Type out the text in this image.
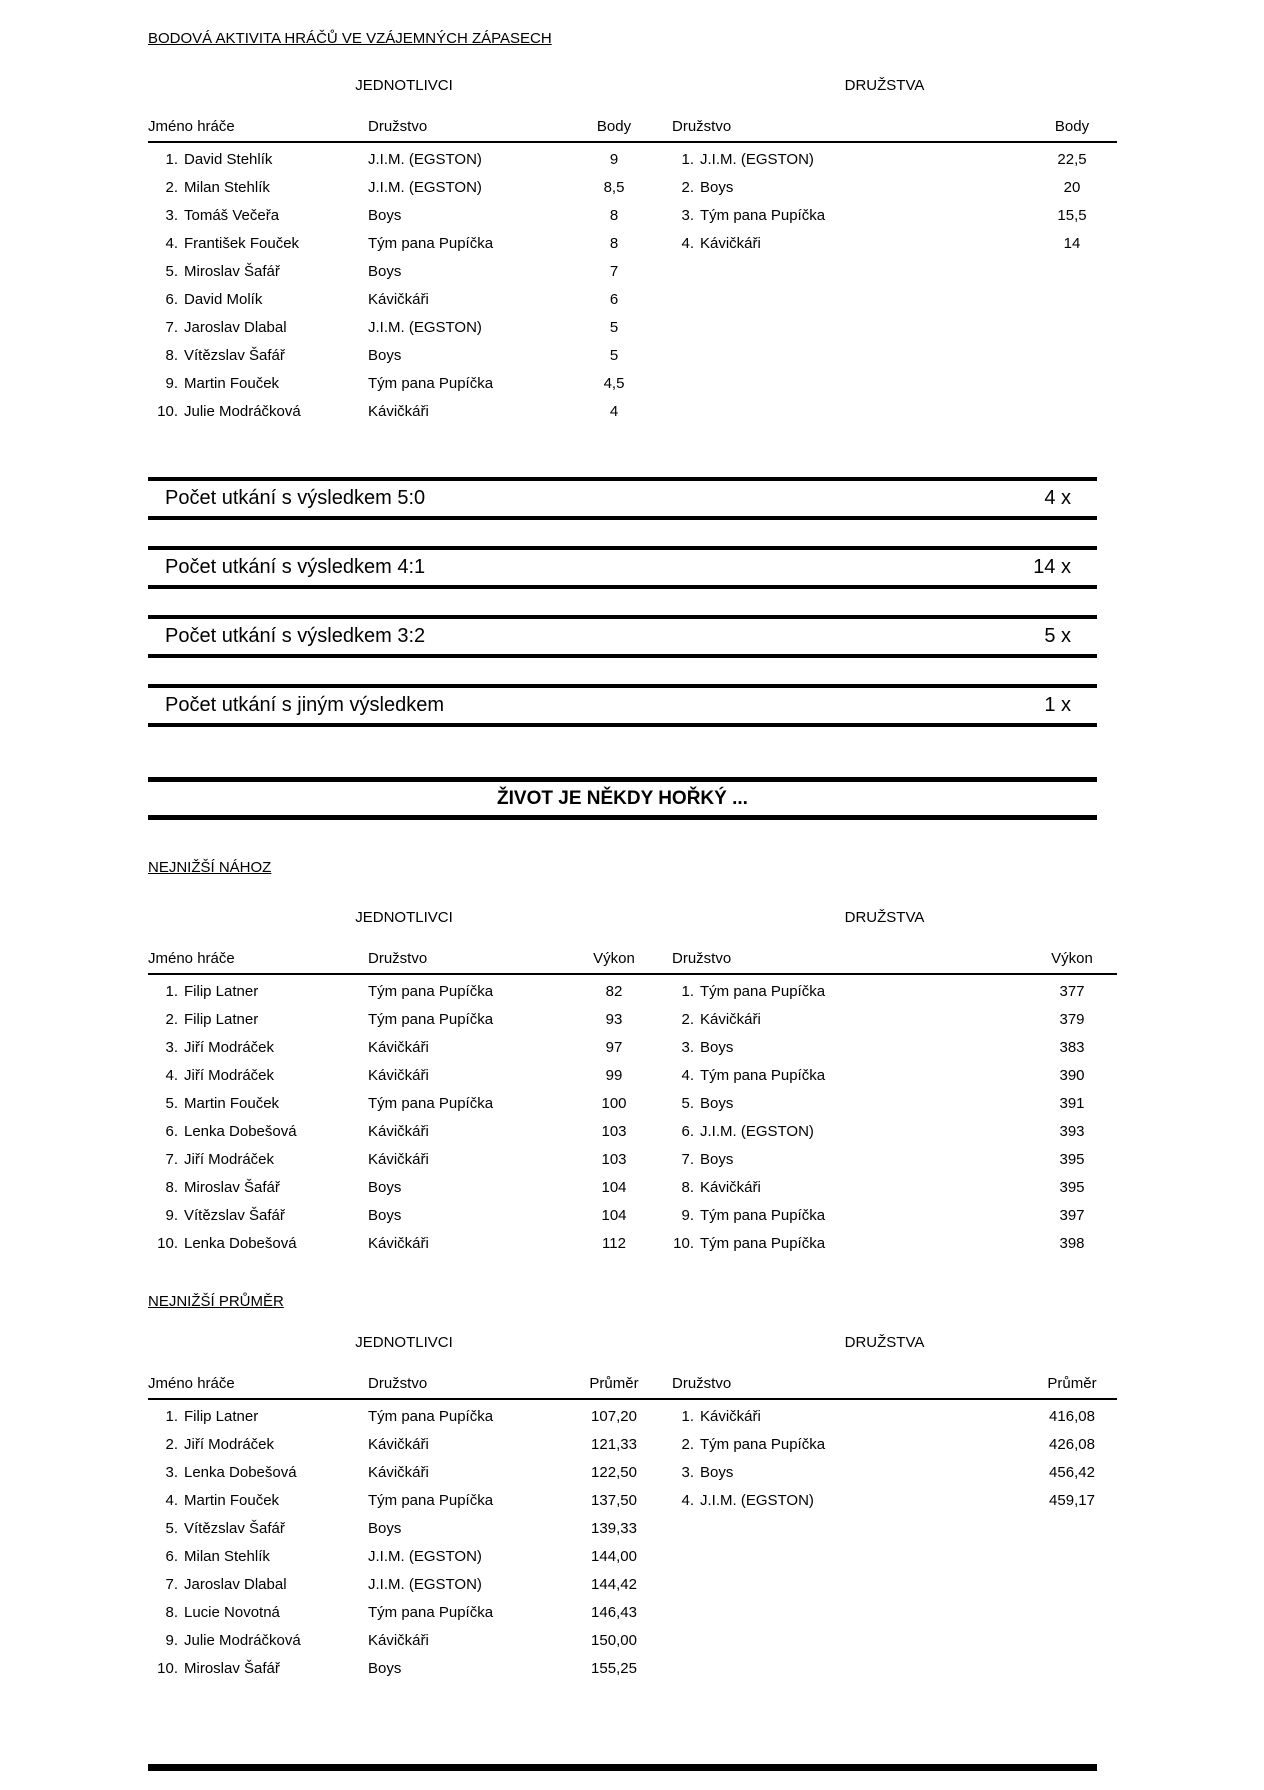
BODOVÁ AKTIVITA HRÁČŮ VE VZÁJEMNÝCH ZÁPASECH
JEDNOTLIVCI
Jméno hráče	Družstvo	Body
1. David Stehlík	J.I.M. (EGSTON)	9
2. Milan Stehlík	J.I.M. (EGSTON)	8,5
3. Tomáš Večeřa	Boys	8
4. František Fouček	Tým pana Pupíčka	8
5. Miroslav Šafář	Boys	7
6. David Molík	Kávičkáři	6
7. Jaroslav Dlabal	J.I.M. (EGSTON)	5
8. Vítězslav Šafář	Boys	5
9. Martin Fouček	Tým pana Pupíčka	4,5
10. Julie Modráčková	Kávičkáři	4
DRUŽSTVA
Družstvo	Body
1. J.I.M. (EGSTON)	22,5
2. Boys	20
3. Tým pana Pupíčka	15,5
4. Kávičkáři	14
Počet utkání s výsledkem 5:0	4 x
Počet utkání s výsledkem 4:1	14 x
Počet utkání s výsledkem 3:2	5 x
Počet utkání s jiným výsledkem	1 x
ŽIVOT JE NĚKDY HOŘKÝ ...
NEJNIŽŠÍ NÁHOZ
JEDNOTLIVCI
Jméno hráče	Družstvo	Výkon
1. Filip Latner	Tým pana Pupíčka	82
2. Filip Latner	Tým pana Pupíčka	93
3. Jiří Modráček	Kávičkáři	97
4. Jiří Modráček	Kávičkáři	99
5. Martin Fouček	Tým pana Pupíčka	100
6. Lenka Dobešová	Kávičkáři	103
7. Jiří Modráček	Kávičkáři	103
8. Miroslav Šafář	Boys	104
9. Vítězslav Šafář	Boys	104
10. Lenka Dobešová	Kávičkáři	112
DRUŽSTVA
Družstvo	Výkon
1. Tým pana Pupíčka	377
2. Kávičkáři	379
3. Boys	383
4. Tým pana Pupíčka	390
5. Boys	391
6. J.I.M. (EGSTON)	393
7. Boys	395
8. Kávičkáři	395
9. Tým pana Pupíčka	397
10. Tým pana Pupíčka	398
NEJNIŽŠÍ PRŮMĚR
JEDNOTLIVCI
Jméno hráče	Družstvo	Průměr
1. Filip Latner	Tým pana Pupíčka	107,20
2. Jiří Modráček	Kávičkáři	121,33
3. Lenka Dobešová	Kávičkáři	122,50
4. Martin Fouček	Tým pana Pupíčka	137,50
5. Vítězslav Šafář	Boys	139,33
6. Milan Stehlík	J.I.M. (EGSTON)	144,00
7. Jaroslav Dlabal	J.I.M. (EGSTON)	144,42
8. Lucie Novotná	Tým pana Pupíčka	146,43
9. Julie Modráčková	Kávičkáři	150,00
10. Miroslav Šafář	Boys	155,25
DRUŽSTVA
Družstvo	Průměr
1. Kávičkáři	416,08
2. Tým pana Pupíčka	426,08
3. Boys	456,42
4. J.I.M. (EGSTON)	459,17
